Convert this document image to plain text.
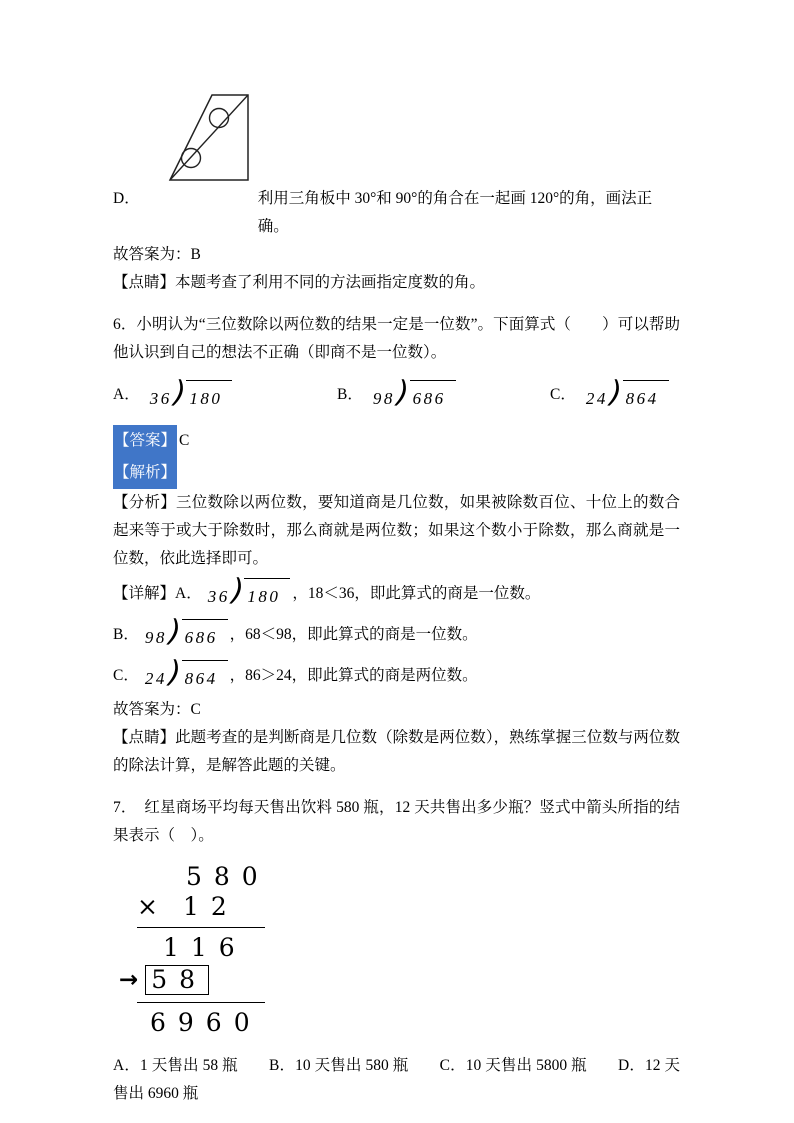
D．	利用三角板中 30°和 90°的角合在一起画 120°的角，画法正确。
故答案为：B
【点睛】本题考查了利用不同的方法画指定度数的角。

6．小明认为“三位数除以两位数的结果一定是一位数”。下面算式（　　）可以帮助他认识到自己的想法不正确（即商不是一位数）。

A． 36 ) 180	B． 98 ) 686	C． 24 ) 864
【答案】 C
【解析】

【分析】三位数除以两位数，要知道商是几位数，如果被除数百位、十位上的数合起来等于或大于除数时，那么商就是两位数；如果这个数小于除数，那么商就是一位数，依此选择即可。

【详解】A． 36 ) 180 ，18＜36，即此算式的商是一位数。
B． 98 ) 686 ，68＜98，即此算式的商是一位数。
C． 24 ) 864 ，86＞24，即此算式的商是两位数。
故答案为：C

【点睛】此题考查的是判断商是几位数（除数是两位数），熟练掌握三位数与两位数的除法计算，是解答此题的关键。

7．　红星商场平均每天售出饮料 580 瓶，12 天共售出多少瓶？竖式中箭头所指的结果表示（　）。

580
× 12
116
→ 58
6960

A．1 天售出 58 瓶　　B．10 天售出 580 瓶　　C．10 天售出 5800 瓶　　D．12 天售出 6960 瓶
